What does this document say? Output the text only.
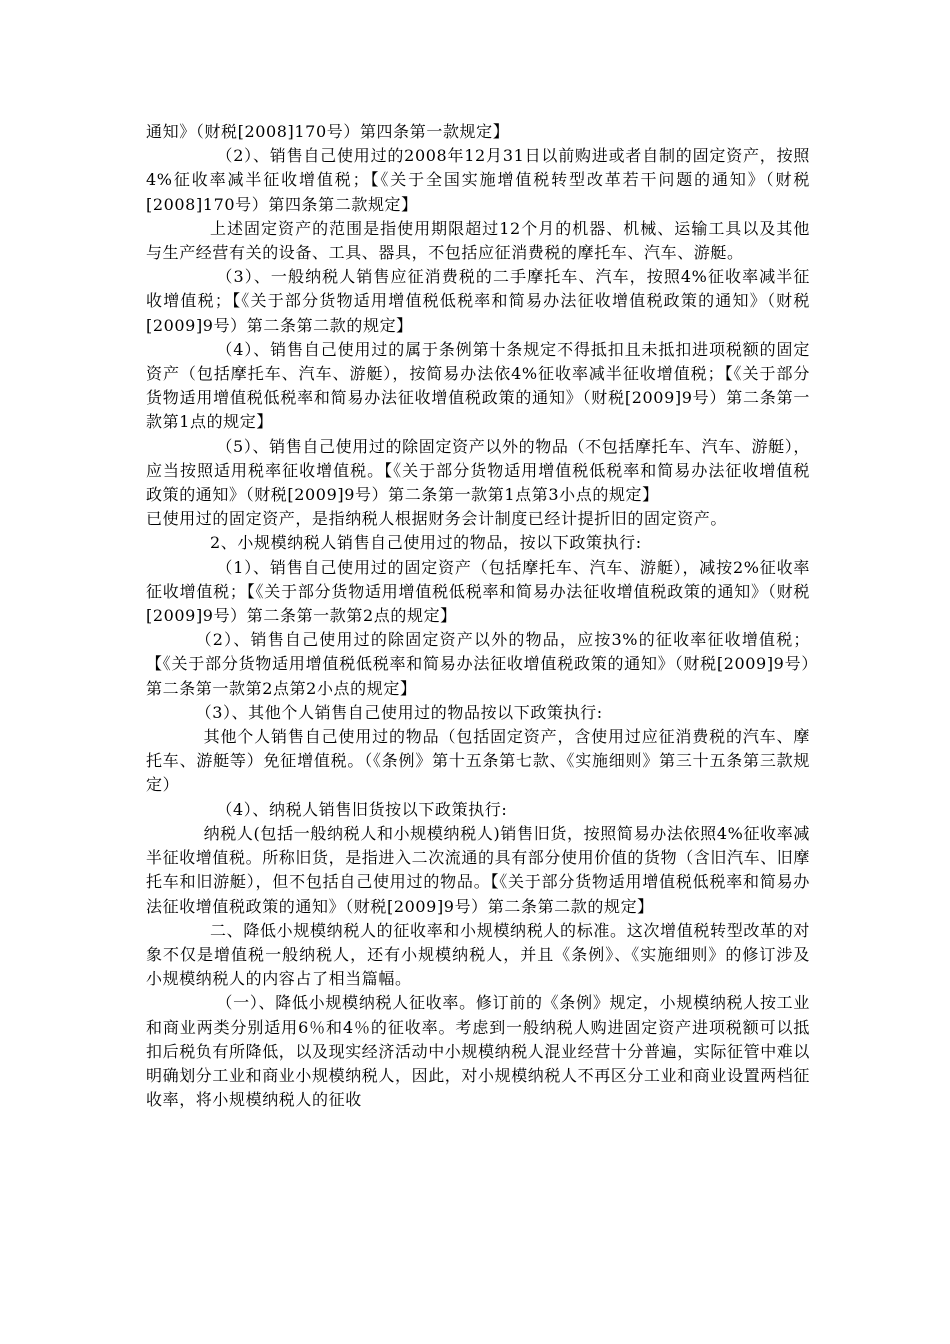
通知》（财税[2008]170号）第四条第一款规定】

（2）、销售自己使用过的2008年12月31日以前购进或者自制的固定资产，按照4%征收率减半征收增值税；【《关于全国实施增值税转型改革若干问题的通知》（财税[2008]170号）第四条第二款规定】

上述固定资产的范围是指使用期限超过12个月的机器、机械、运输工具以及其他与生产经营有关的设备、工具、器具，不包括应征消费税的摩托车、汽车、游艇。

（3）、一般纳税人销售应征消费税的二手摩托车、汽车，按照4%征收率减半征收增值税；【《关于部分货物适用增值税低税率和简易办法征收增值税政策的通知》（财税[2009]9号）第二条第二款的规定】

（4）、销售自己使用过的属于条例第十条规定不得抵扣且未抵扣进项税额的固定资产（包括摩托车、汽车、游艇），按简易办法依4%征收率减半征收增值税；【《关于部分货物适用增值税低税率和简易办法征收增值税政策的通知》（财税[2009]9号）第二条第一款第1点的规定】

（5）、销售自己使用过的除固定资产以外的物品（不包括摩托车、汽车、游艇），应当按照适用税率征收增值税。【《关于部分货物适用增值税低税率和简易办法征收增值税政策的通知》（财税[2009]9号）第二条第一款第1点第3小点的规定】

已使用过的固定资产，是指纳税人根据财务会计制度已经计提折旧的固定资产。

2、小规模纳税人销售自己使用过的物品，按以下政策执行:

（1）、销售自己使用过的固定资产（包括摩托车、汽车、游艇），减按2%征收率征收增值税；【《关于部分货物适用增值税低税率和简易办法征收增值税政策的通知》（财税[2009]9号）第二条第一款第2点的规定】

（2）、销售自己使用过的除固定资产以外的物品，应按3%的征收率征收增值税；【《关于部分货物适用增值税低税率和简易办法征收增值税政策的通知》（财税[2009]9号）第二条第一款第2点第2小点的规定】

（3）、其他个人销售自己使用过的物品按以下政策执行:

其他个人销售自己使用过的物品（包括固定资产，含使用过应征消费税的汽车、摩托车、游艇等）免征增值税。（《条例》第十五条第七款、《实施细则》第三十五条第三款规定）

（4）、纳税人销售旧货按以下政策执行:

纳税人(包括一般纳税人和小规模纳税人)销售旧货，按照简易办法依照4%征收率减半征收增值税。所称旧货，是指进入二次流通的具有部分使用价值的货物（含旧汽车、旧摩托车和旧游艇），但不包括自己使用过的物品。【《关于部分货物适用增值税低税率和简易办法征收增值税政策的通知》（财税[2009]9号）第二条第二款的规定】

二、降低小规模纳税人的征收率和小规模纳税人的标准。这次增值税转型改革的对象不仅是增值税一般纳税人，还有小规模纳税人，并且《条例》、《实施细则》的修订涉及小规模纳税人的内容占了相当篇幅。

（一）、降低小规模纳税人征收率。修订前的《条例》规定，小规模纳税人按工业和商业两类分别适用6％和4％的征收率。考虑到一般纳税人购进固定资产进项税额可以抵扣后税负有所降低，以及现实经济活动中小规模纳税人混业经营十分普遍，实际征管中难以明确划分工业和商业小规模纳税人，因此，对小规模纳税人不再区分工业和商业设置两档征收率，将小规模纳税人的征收
